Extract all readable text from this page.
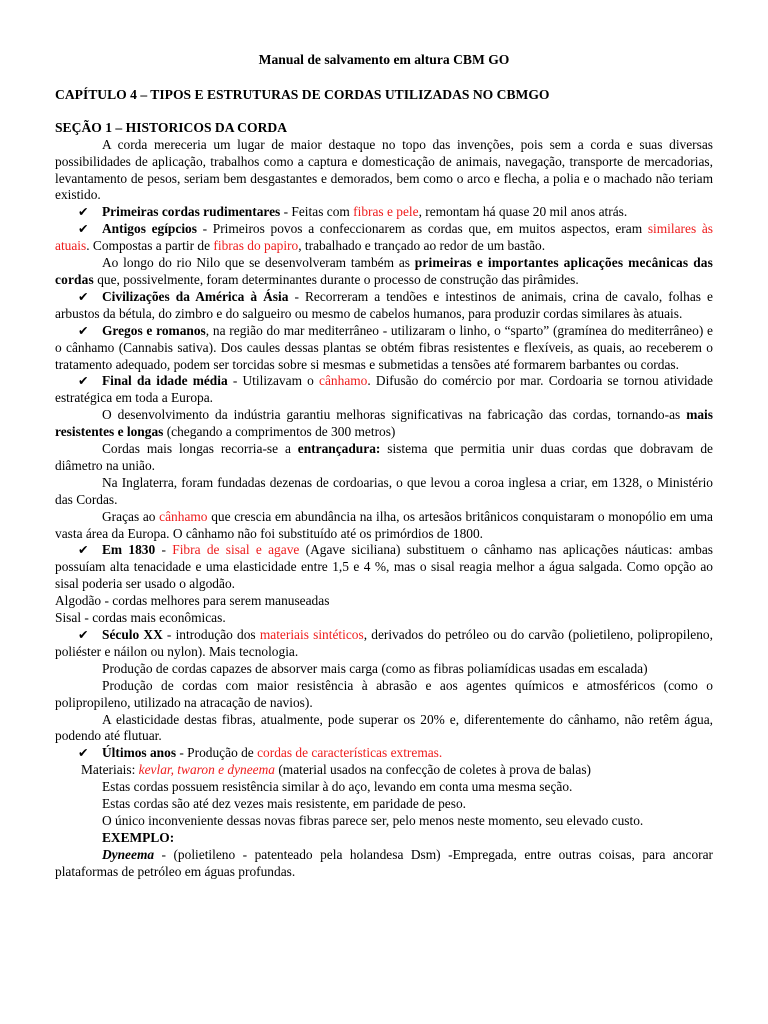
Manual de salvamento em altura CBM GO

CAPÍTULO 4 – TIPOS E ESTRUTURAS DE CORDAS UTILIZADAS NO CBMGO

SEÇÃO 1 – HISTORICOS DA CORDA

A corda mereceria um lugar de maior destaque no topo das invenções, pois sem a corda e suas diversas possibilidades de aplicação, trabalhos como a captura e domesticação de animais, navegação, transporte de mercadorias, levantamento de pesos, seriam bem desgastantes e demorados, bem como o arco e flecha, a polia e o machado não teriam existido.

✔ Primeiras cordas rudimentares - Feitas com fibras e pele, remontam há quase 20 mil anos atrás.

✔ Antigos egípcios - Primeiros povos a confeccionarem as cordas que, em muitos aspectos, eram similares às atuais. Compostas a partir de fibras do papiro, trabalhado e trançado ao redor de um bastão.

Ao longo do rio Nilo que se desenvolveram também as primeiras e importantes aplicações mecânicas das cordas que, possivelmente, foram determinantes durante o processo de construção das pirâmides.

✔ Civilizações da América à Ásia - Recorreram a tendões e intestinos de animais, crina de cavalo, folhas e arbustos da bétula, do zimbro e do salgueiro ou mesmo de cabelos humanos, para produzir cordas similares às atuais.

✔ Gregos e romanos, na região do mar mediterrâneo - utilizaram o linho, o “sparto” (gramínea do mediterrâneo) e o cânhamo (Cannabis sativa). Dos caules dessas plantas se obtém fibras resistentes e flexíveis, as quais, ao receberem o tratamento adequado, podem ser torcidas sobre si mesmas e submetidas a tensões até formarem barbantes ou cordas.

✔ Final da idade média - Utilizavam o cânhamo. Difusão do comércio por mar. Cordoaria se tornou atividade estratégica em toda a Europa.

O desenvolvimento da indústria garantiu melhoras significativas na fabricação das cordas, tornando-as mais resistentes e longas (chegando a comprimentos de 300 metros)

Cordas mais longas recorria-se a entrançadura: sistema que permitia unir duas cordas que dobravam de diâmetro na união.

Na Inglaterra, foram fundadas dezenas de cordoarias, o que levou a coroa inglesa a criar, em 1328, o Ministério das Cordas.

Graças ao cânhamo que crescia em abundância na ilha, os artesãos britânicos conquistaram o monopólio em uma vasta área da Europa. O cânhamo não foi substituído até os primórdios de 1800.

✔ Em 1830 - Fibra de sisal e agave (Agave siciliana) substituem o cânhamo nas aplicações náuticas: ambas possuíam alta tenacidade e uma elasticidade entre 1,5 e 4 %, mas o sisal reagia melhor a água salgada. Como opção ao sisal poderia ser usado o algodão.

Algodão - cordas melhores para serem manuseadas

Sisal - cordas mais econômicas.

✔ Século XX - introdução dos materiais sintéticos, derivados do petróleo ou do carvão (polietileno, polipropileno, poliéster e náilon ou nylon). Mais tecnologia.

Produção de cordas capazes de absorver mais carga (como as fibras poliamídicas usadas em escalada)

Produção de cordas com maior resistência à abrasão e aos agentes químicos e atmosféricos (como o polipropileno, utilizado na atracação de navios).

A elasticidade destas fibras, atualmente, pode superar os 20% e, diferentemente do cânhamo, não retêm água, podendo até flutuar.

✔ Últimos anos - Produção de cordas de características extremas.

Materiais: kevlar, twaron e dyneema (material usados na confecção de coletes à prova de balas)

Estas cordas possuem resistência similar à do aço, levando em conta uma mesma seção.

Estas cordas são até dez vezes mais resistente, em paridade de peso.

O único inconveniente dessas novas fibras parece ser, pelo menos neste momento, seu elevado custo.

EXEMPLO:

Dyneema - (polietileno - patenteado pela holandesa Dsm) -Empregada, entre outras coisas, para ancorar plataformas de petróleo em águas profundas.
